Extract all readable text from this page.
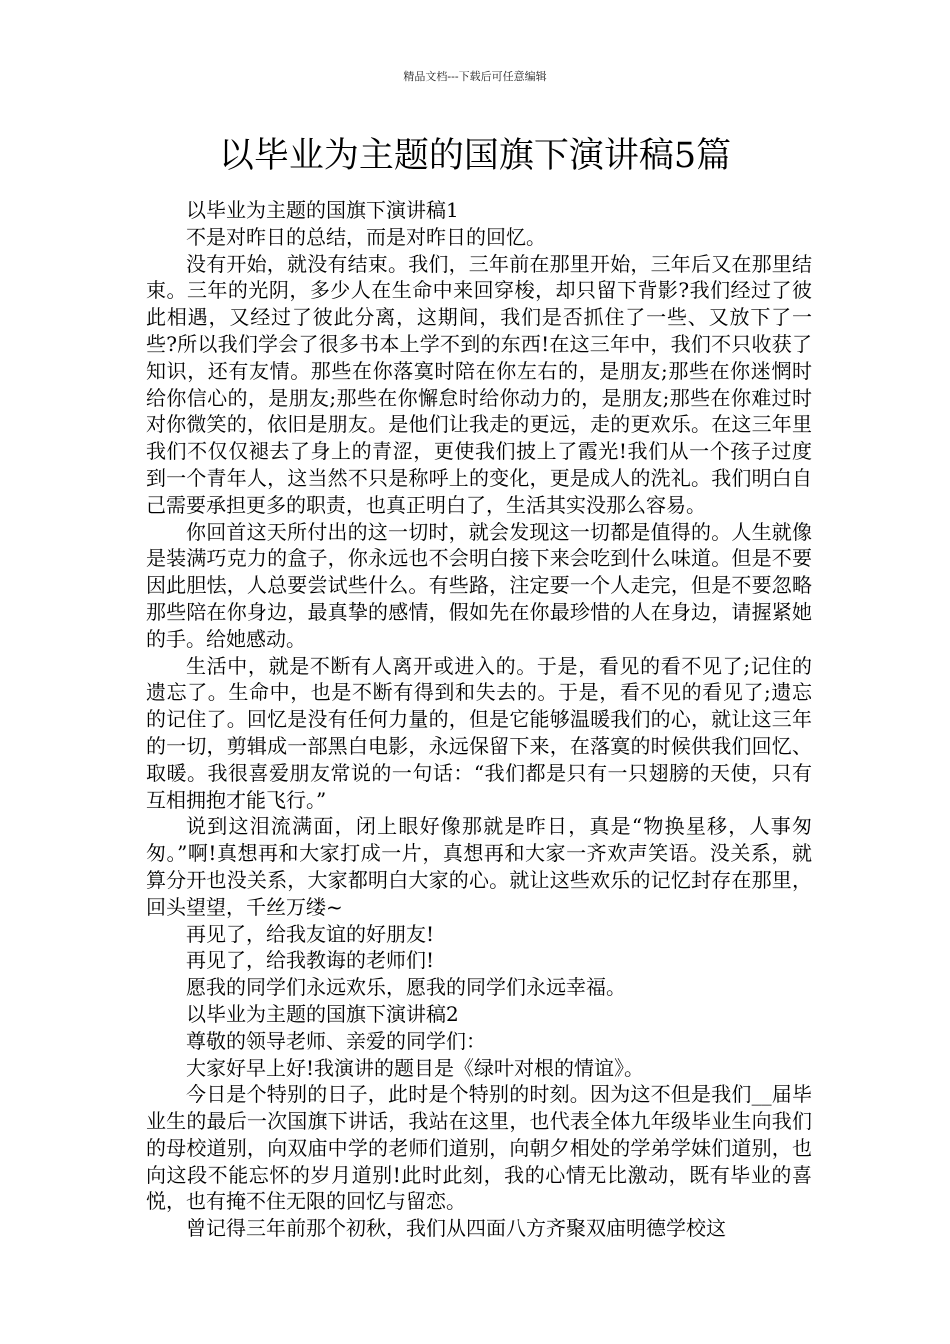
精品文档---下载后可任意编辑
以毕业为主题的国旗下演讲稿5篇

以毕业为主题的国旗下演讲稿1

不是对昨日的总结，而是对昨日的回忆。

没有开始，就没有结束。我们，三年前在那里开始，三年后又在那里结束。三年的光阴，多少人在生命中来回穿梭，却只留下背影?我们经过了彼此相遇，又经过了彼此分离，这期间，我们是否抓住了一些、又放下了一些?所以我们学会了很多书本上学不到的东西!在这三年中，我们不只收获了知识，还有友情。那些在你落寞时陪在你左右的，是朋友;那些在你迷惘时给你信心的，是朋友;那些在你懈怠时给你动力的，是朋友;那些在你难过时对你微笑的，依旧是朋友。是他们让我走的更远，走的更欢乐。在这三年里我们不仅仅褪去了身上的青涩，更使我们披上了霞光!我们从一个孩子过度到一个青年人，这当然不只是称呼上的变化，更是成人的洗礼。我们明白自己需要承担更多的职责，也真正明白了，生活其实没那么容易。

你回首这天所付出的这一切时，就会发现这一切都是值得的。人生就像是装满巧克力的盒子，你永远也不会明白接下来会吃到什么味道。但是不要因此胆怯，人总要尝试些什么。有些路，注定要一个人走完，但是不要忽略那些陪在你身边，最真挚的感情，假如先在你最珍惜的人在身边，请握紧她的手。给她感动。

生活中，就是不断有人离开或进入的。于是，看见的看不见了;记住的遗忘了。生命中，也是不断有得到和失去的。于是，看不见的看见了;遗忘的记住了。回忆是没有任何力量的，但是它能够温暖我们的心，就让这三年的一切，剪辑成一部黑白电影，永远保留下来，在落寞的时候供我们回忆、取暖。我很喜爱朋友常说的一句话：“我们都是只有一只翅膀的天使，只有互相拥抱才能飞行。”

说到这泪流满面，闭上眼好像那就是昨日，真是“物换星移，人事匆匆。”啊!真想再和大家打成一片，真想再和大家一齐欢声笑语。没关系，就算分开也没关系，大家都明白大家的心。就让这些欢乐的记忆封存在那里，回头望望，千丝万缕~

再见了，给我友谊的好朋友!

再见了，给我教诲的老师们!

愿我的同学们永远欢乐，愿我的同学们永远幸福。

以毕业为主题的国旗下演讲稿2

尊敬的领导老师、亲爱的同学们：

大家好早上好!我演讲的题目是《绿叶对根的情谊》。

今日是个特别的日子，此时是个特别的时刻。因为这不但是我们__届毕业生的最后一次国旗下讲话，我站在这里，也代表全体九年级毕业生向我们的母校道别，向双庙中学的老师们道别，向朝夕相处的学弟学妹们道别，也向这段不能忘怀的岁月道别!此时此刻，我的心情无比激动，既有毕业的喜悦，也有掩不住无限的回忆与留恋。

曾记得三年前那个初秋，我们从四面八方齐聚双庙明德学校这
